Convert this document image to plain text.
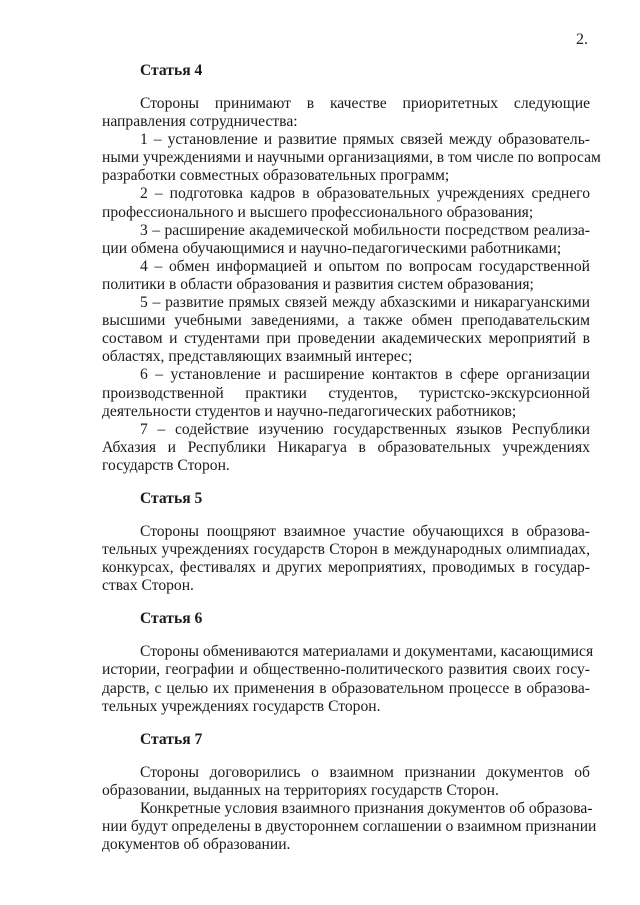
2.
Статья 4
Стороны принимают в качестве приоритетных следующие
направления сотрудничества:
1 – установление и развитие прямых связей между образователь-
ными учреждениями и научными организациями, в том числе по вопросам
разработки совместных образовательных программ;
2 – подготовка кадров в образовательных учреждениях среднего
профессионального и высшего профессионального образования;
3 – расширение академической мобильности посредством реализа-
ции обмена обучающимися и научно-педагогическими работниками;
4 – обмен информацией и опытом по вопросам государственной
политики в области образования и развития систем образования;
5 – развитие прямых связей между абхазскими и никарагуанскими
высшими учебными заведениями, а также обмен преподавательским
составом и студентами при проведении академических мероприятий в
областях, представляющих взаимный интерес;
6 – установление и расширение контактов в сфере организации
производственной практики студентов, туристско-экскурсионной
деятельности студентов и научно-педагогических работников;
7 – содействие изучению государственных языков Республики
Абхазия и Республики Никарагуа в образовательных учреждениях
государств Сторон.
Статья 5
Стороны поощряют взаимное участие обучающихся в образова-
тельных учреждениях государств Сторон в международных олимпиадах,
конкурсах, фестивалях и других мероприятиях, проводимых в государ-
ствах Сторон.
Статья 6
Стороны обмениваются материалами и документами, касающимися
истории, географии и общественно-политического развития своих госу-
дарств, с целью их применения в образовательном процессе в образова-
тельных учреждениях государств Сторон.
Статья 7
Стороны договорились о взаимном признании документов об
образовании, выданных на территориях государств Сторон.
Конкретные условия взаимного признания документов об образова-
нии будут определены в двустороннем соглашении о взаимном признании
документов об образовании.
